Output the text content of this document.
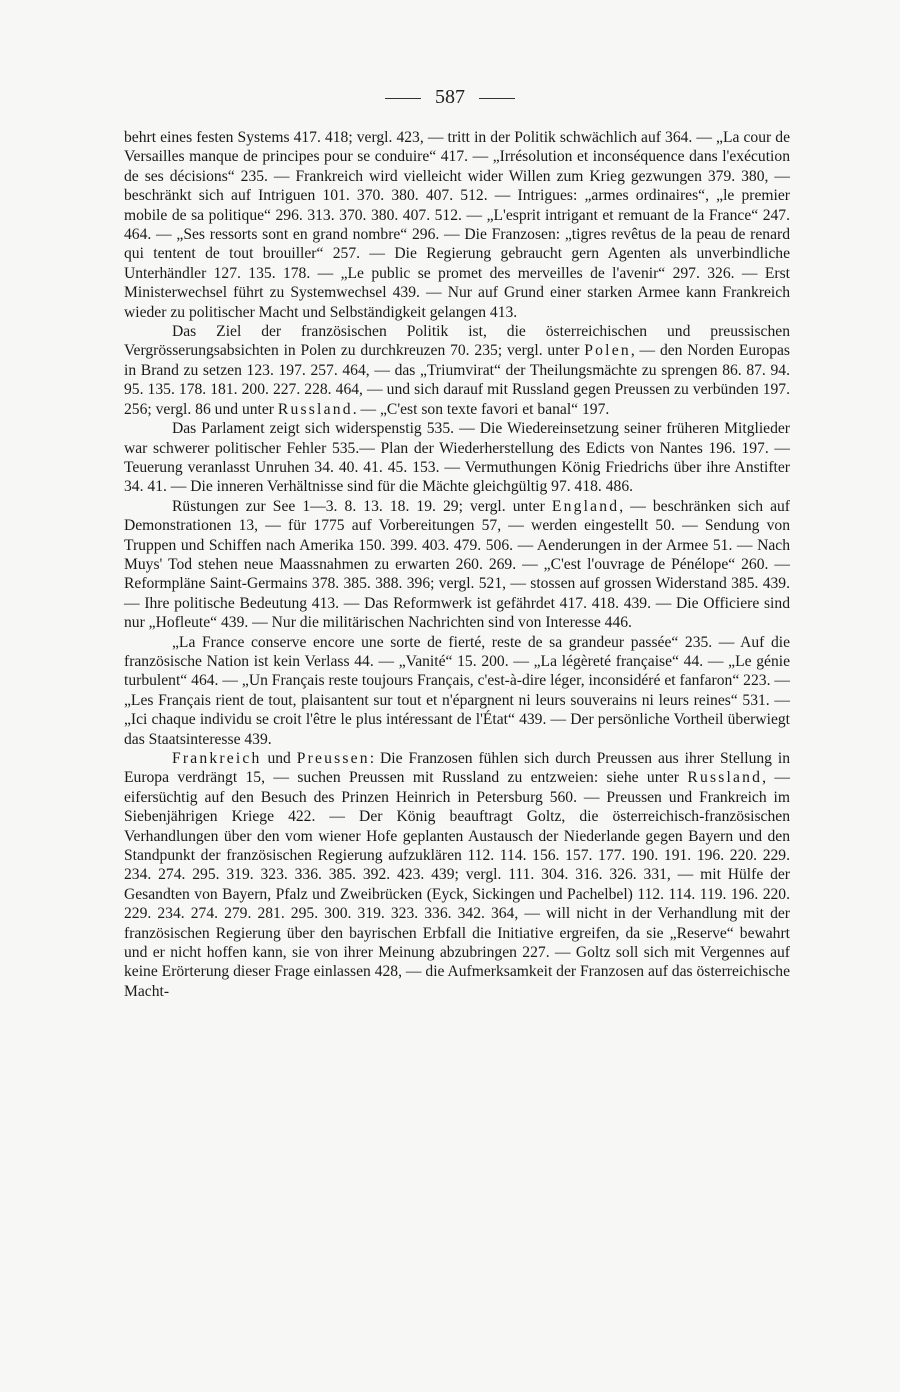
587

behrt eines festen Systems 417. 418; vergl. 423, — tritt in der Politik schwächlich auf 364. — „La cour de Versailles manque de principes pour se conduire“ 417. — „Irrésolution et inconséquence dans l'exécution de ses décisions“ 235. — Frankreich wird vielleicht wider Willen zum Krieg gezwungen 379. 380, — beschränkt sich auf Intriguen 101. 370. 380. 407. 512. — Intrigues: „armes ordinaires“, „le premier mobile de sa politique“ 296. 313. 370. 380. 407. 512. — „L'esprit intrigant et remuant de la France“ 247. 464. — „Ses ressorts sont en grand nombre“ 296. — Die Franzosen: „tigres revêtus de la peau de renard qui tentent de tout brouiller“ 257. — Die Regierung gebraucht gern Agenten als unverbindliche Unterhändler 127. 135. 178. — „Le public se promet des merveilles de l'avenir“ 297. 326. — Erst Ministerwechsel führt zu Systemwechsel 439. — Nur auf Grund einer starken Armee kann Frankreich wieder zu politischer Macht und Selbständigkeit gelangen 413.

Das Ziel der französischen Politik ist, die österreichischen und preussischen Vergrösserungsabsichten in Polen zu durchkreuzen 70. 235; vergl. unter Polen, — den Norden Europas in Brand zu setzen 123. 197. 257. 464, — das „Triumvirat“ der Theilungsmächte zu sprengen 86. 87. 94. 95. 135. 178. 181. 200. 227. 228. 464, — und sich darauf mit Russland gegen Preussen zu verbünden 197. 256; vergl. 86 und unter Russland. — „C'est son texte favori et banal“ 197.

Das Parlament zeigt sich widerspenstig 535. — Die Wiedereinsetzung seiner früheren Mitglieder war schwerer politischer Fehler 535.— Plan der Wiederherstellung des Edicts von Nantes 196. 197. — Teuerung veranlasst Unruhen 34. 40. 41. 45. 153. — Vermuthungen König Friedrichs über ihre Anstifter 34. 41. — Die inneren Verhältnisse sind für die Mächte gleichgültig 97. 418. 486.

Rüstungen zur See 1—3. 8. 13. 18. 19. 29; vergl. unter England, — beschränken sich auf Demonstrationen 13, — für 1775 auf Vorbereitungen 57, — werden eingestellt 50. — Sendung von Truppen und Schiffen nach Amerika 150. 399. 403. 479. 506. — Aenderungen in der Armee 51. — Nach Muys' Tod stehen neue Maassnahmen zu erwarten 260. 269. — „C'est l'ouvrage de Pénélope“ 260. — Reformpläne Saint-Germains 378. 385. 388. 396; vergl. 521, — stossen auf grossen Widerstand 385. 439. — Ihre politische Bedeutung 413. — Das Reformwerk ist gefährdet 417. 418. 439. — Die Officiere sind nur „Hofleute“ 439. — Nur die militärischen Nachrichten sind von Interesse 446.

„La France conserve encore une sorte de fierté, reste de sa grandeur passée“ 235. — Auf die französische Nation ist kein Verlass 44. — „Vanité“ 15. 200. — „La légèreté française“ 44. — „Le génie turbulent“ 464. — „Un Français reste toujours Français, c'est-à-dire léger, inconsidéré et fanfaron“ 223. — „Les Français rient de tout, plaisantent sur tout et n'épargnent ni leurs souverains ni leurs reines“ 531. — „Ici chaque individu se croit l'être le plus intéressant de l'État“ 439. — Der persönliche Vortheil überwiegt das Staatsinteresse 439.

Frankreich und Preussen: Die Franzosen fühlen sich durch Preussen aus ihrer Stellung in Europa verdrängt 15, — suchen Preussen mit Russland zu entzweien: siehe unter Russland, — eifersüchtig auf den Besuch des Prinzen Heinrich in Petersburg 560. — Preussen und Frankreich im Siebenjährigen Kriege 422. — Der König beauftragt Goltz, die österreichisch-französischen Verhandlungen über den vom wiener Hofe geplanten Austausch der Niederlande gegen Bayern und den Standpunkt der französischen Regierung aufzuklären 112. 114. 156. 157. 177. 190. 191. 196. 220. 229. 234. 274. 295. 319. 323. 336. 385. 392. 423. 439; vergl. 111. 304. 316. 326. 331, — mit Hülfe der Gesandten von Bayern, Pfalz und Zweibrücken (Eyck, Sickingen und Pachelbel) 112. 114. 119. 196. 220. 229. 234. 274. 279. 281. 295. 300. 319. 323. 336. 342. 364, — will nicht in der Verhandlung mit der französischen Regierung über den bayrischen Erbfall die Initiative ergreifen, da sie „Reserve“ bewahrt und er nicht hoffen kann, sie von ihrer Meinung abzubringen 227. — Goltz soll sich mit Vergennes auf keine Erörterung dieser Frage einlassen 428, — die Aufmerksamkeit der Franzosen auf das österreichische Macht-
